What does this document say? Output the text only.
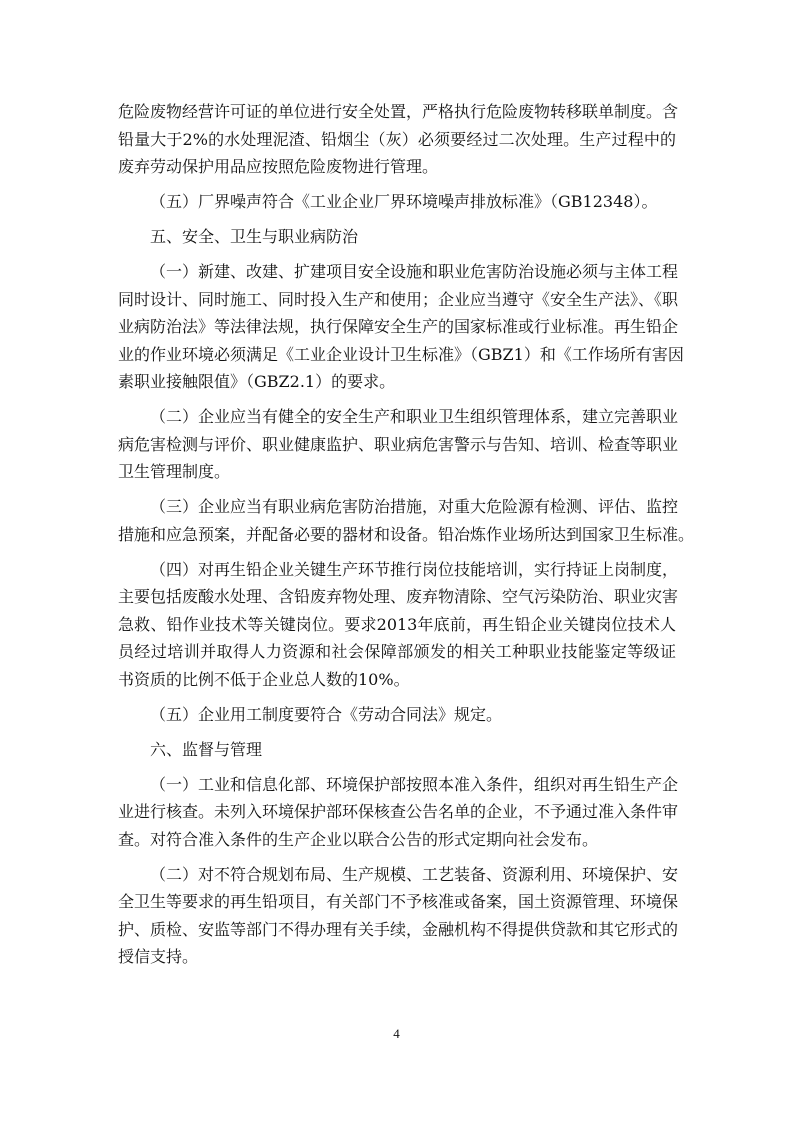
危险废物经营许可证的单位进行安全处置，严格执行危险废物转移联单制度。含
铅量大于2%的水处理泥渣、铅烟尘（灰）必须要经过二次处理。生产过程中的
废弃劳动保护用品应按照危险废物进行管理。
（五）厂界噪声符合《工业企业厂界环境噪声排放标准》（GB12348）。
五、安全、卫生与职业病防治
（一）新建、改建、扩建项目安全设施和职业危害防治设施必须与主体工程
同时设计、同时施工、同时投入生产和使用；企业应当遵守《安全生产法》、《职
业病防治法》等法律法规，执行保障安全生产的国家标准或行业标准。再生铅企
业的作业环境必须满足《工业企业设计卫生标准》（GBZ1）和《工作场所有害因
素职业接触限值》（GBZ2.1）的要求。
（二）企业应当有健全的安全生产和职业卫生组织管理体系，建立完善职业
病危害检测与评价、职业健康监护、职业病危害警示与告知、培训、检查等职业
卫生管理制度。
（三）企业应当有职业病危害防治措施，对重大危险源有检测、评估、监控
措施和应急预案，并配备必要的器材和设备。铅冶炼作业场所达到国家卫生标准。
（四）对再生铅企业关键生产环节推行岗位技能培训，实行持证上岗制度，
主要包括废酸水处理、含铅废弃物处理、废弃物清除、空气污染防治、职业灾害
急救、铅作业技术等关键岗位。要求2013年底前，再生铅企业关键岗位技术人
员经过培训并取得人力资源和社会保障部颁发的相关工种职业技能鉴定等级证
书资质的比例不低于企业总人数的10%。
（五）企业用工制度要符合《劳动合同法》规定。
六、监督与管理
（一）工业和信息化部、环境保护部按照本准入条件，组织对再生铅生产企
业进行核查。未列入环境保护部环保核查公告名单的企业，不予通过准入条件审
查。对符合准入条件的生产企业以联合公告的形式定期向社会发布。
（二）对不符合规划布局、生产规模、工艺装备、资源利用、环境保护、安
全卫生等要求的再生铅项目，有关部门不予核准或备案，国土资源管理、环境保
护、质检、安监等部门不得办理有关手续，金融机构不得提供贷款和其它形式的
授信支持。
4
